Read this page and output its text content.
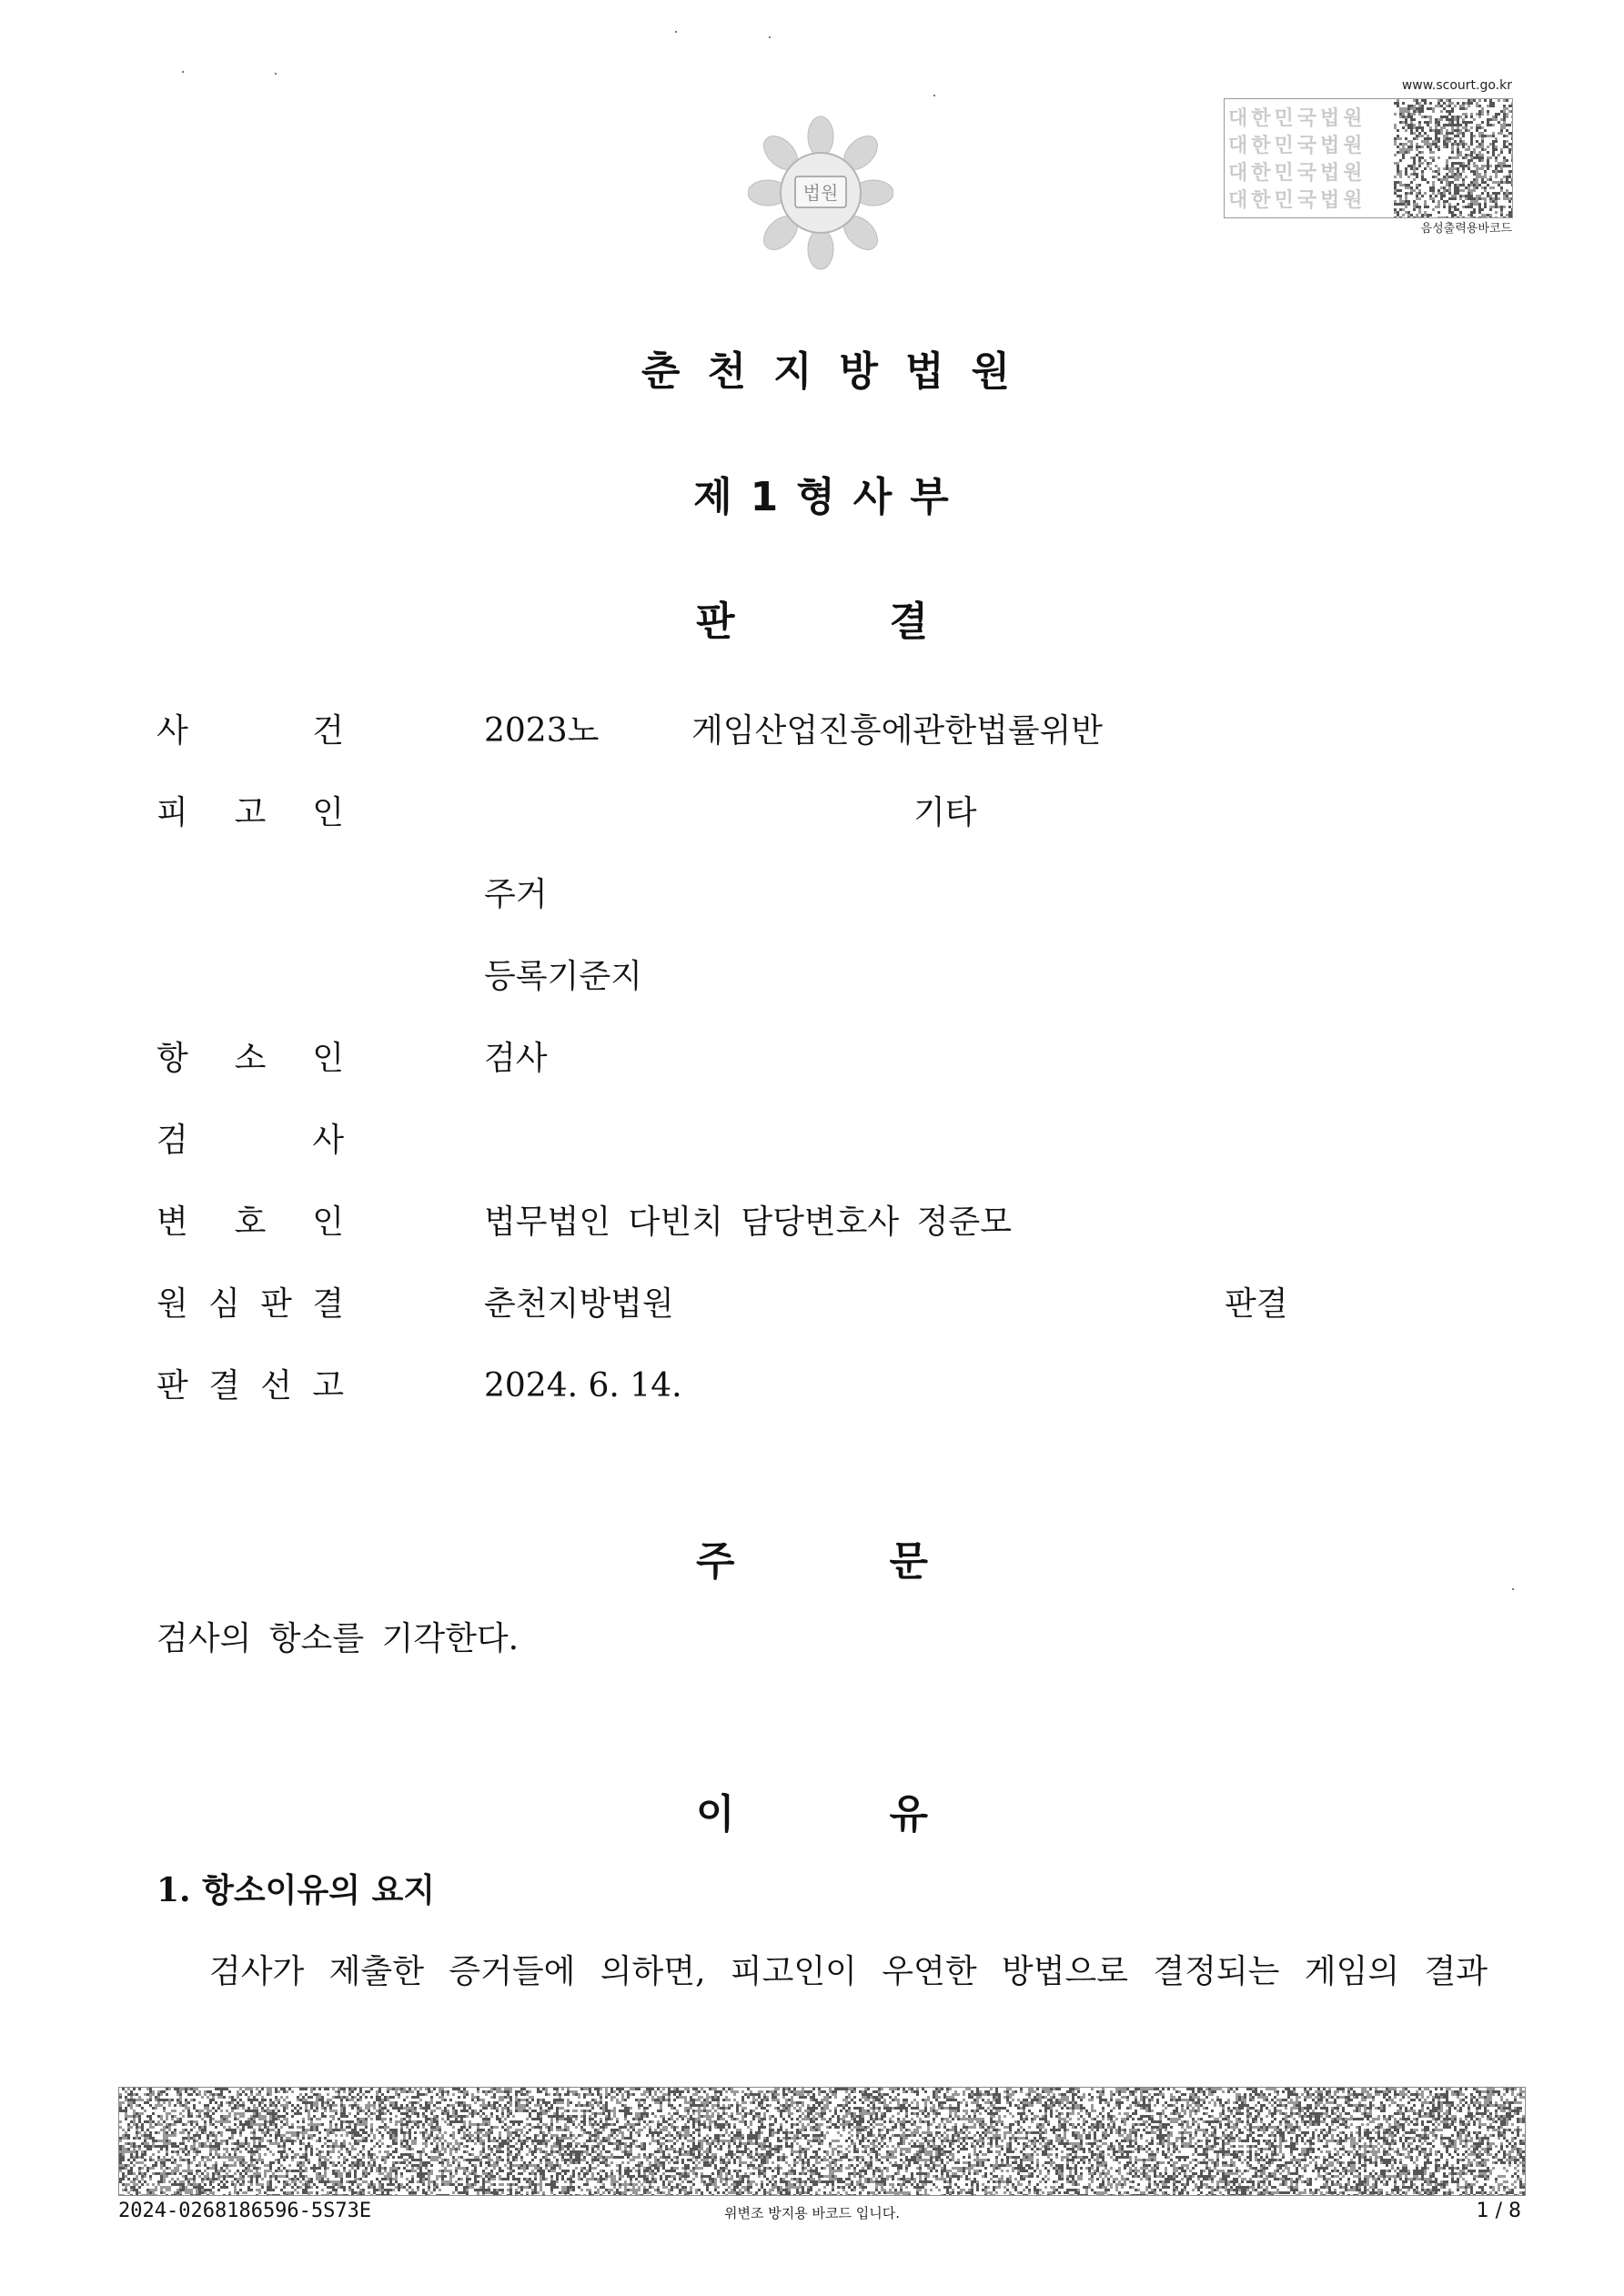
법원
www.scourt.go.kr
대한민국법원
대한민국법원
대한민국법원
대한민국법원
음성출력용바코드
춘천지방법원
제1형사부
판	결
사	건	2023노	게임산업진흥에관한법률위반
피 고 인	기타
주거
등록기준지
항 소 인	검사
검	사
변 호 인	법무법인 다빈치 담당변호사 정준모
원 심 판 결	춘천지방법원	판결
판 결 선 고	2024. 6. 14.
주	문
검사의 항소를 기각한다.
이	유
1. 항소이유의 요지
검사가 제출한 증거들에 의하면, 피고인이 우연한 방법으로 결정되는 게임의 결과
2024-0268186596-5S73E	위변조 방지용 바코드 입니다.	1 / 8
